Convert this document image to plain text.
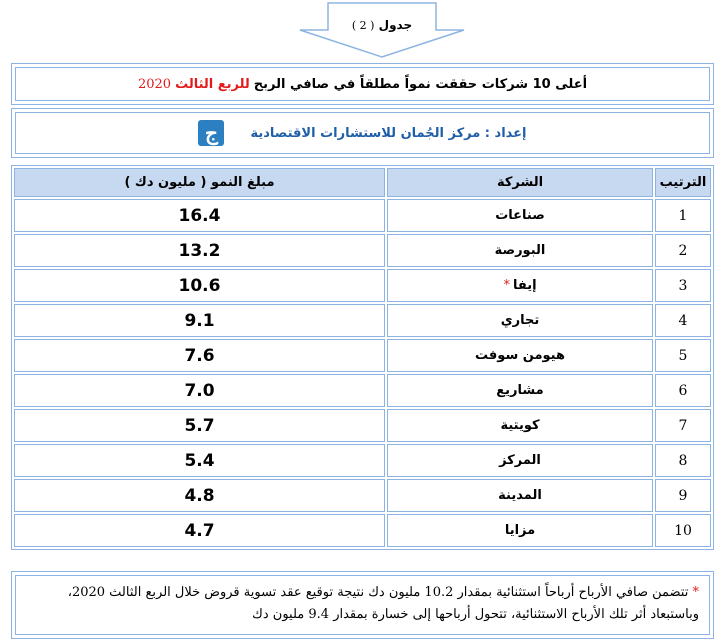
جدول ( 2 )
أعلى 10 شركات حققت نمواً مطلقاً في صافي الربح
للربع الثالث
2020
إعداد : مركز الجُمان للاستشارات الاقتصادية
ج
الترتيب	الشركة	مبلغ النمو ( مليون دك )
1	صناعات	16.4
2	البورصة	13.2
3	إيفا*	10.6
4	تجاري	9.1
5	هيومن سوفت	7.6
6	مشاريع	7.0
7	كويتية	5.7
8	المركز	5.4
9	المدينة	4.8
10	مزايا	4.7
* تتضمن صافي الأرباح أرباحاً استثنائية بمقدار 10.2 مليون دك نتيجة توقيع عقد تسوية قروض خلال الربع الثالث 2020، وباستبعاد أثر تلك الأرباح الاستثنائية، تتحول أرباحها إلى خسارة بمقدار 9.4 مليون دك
